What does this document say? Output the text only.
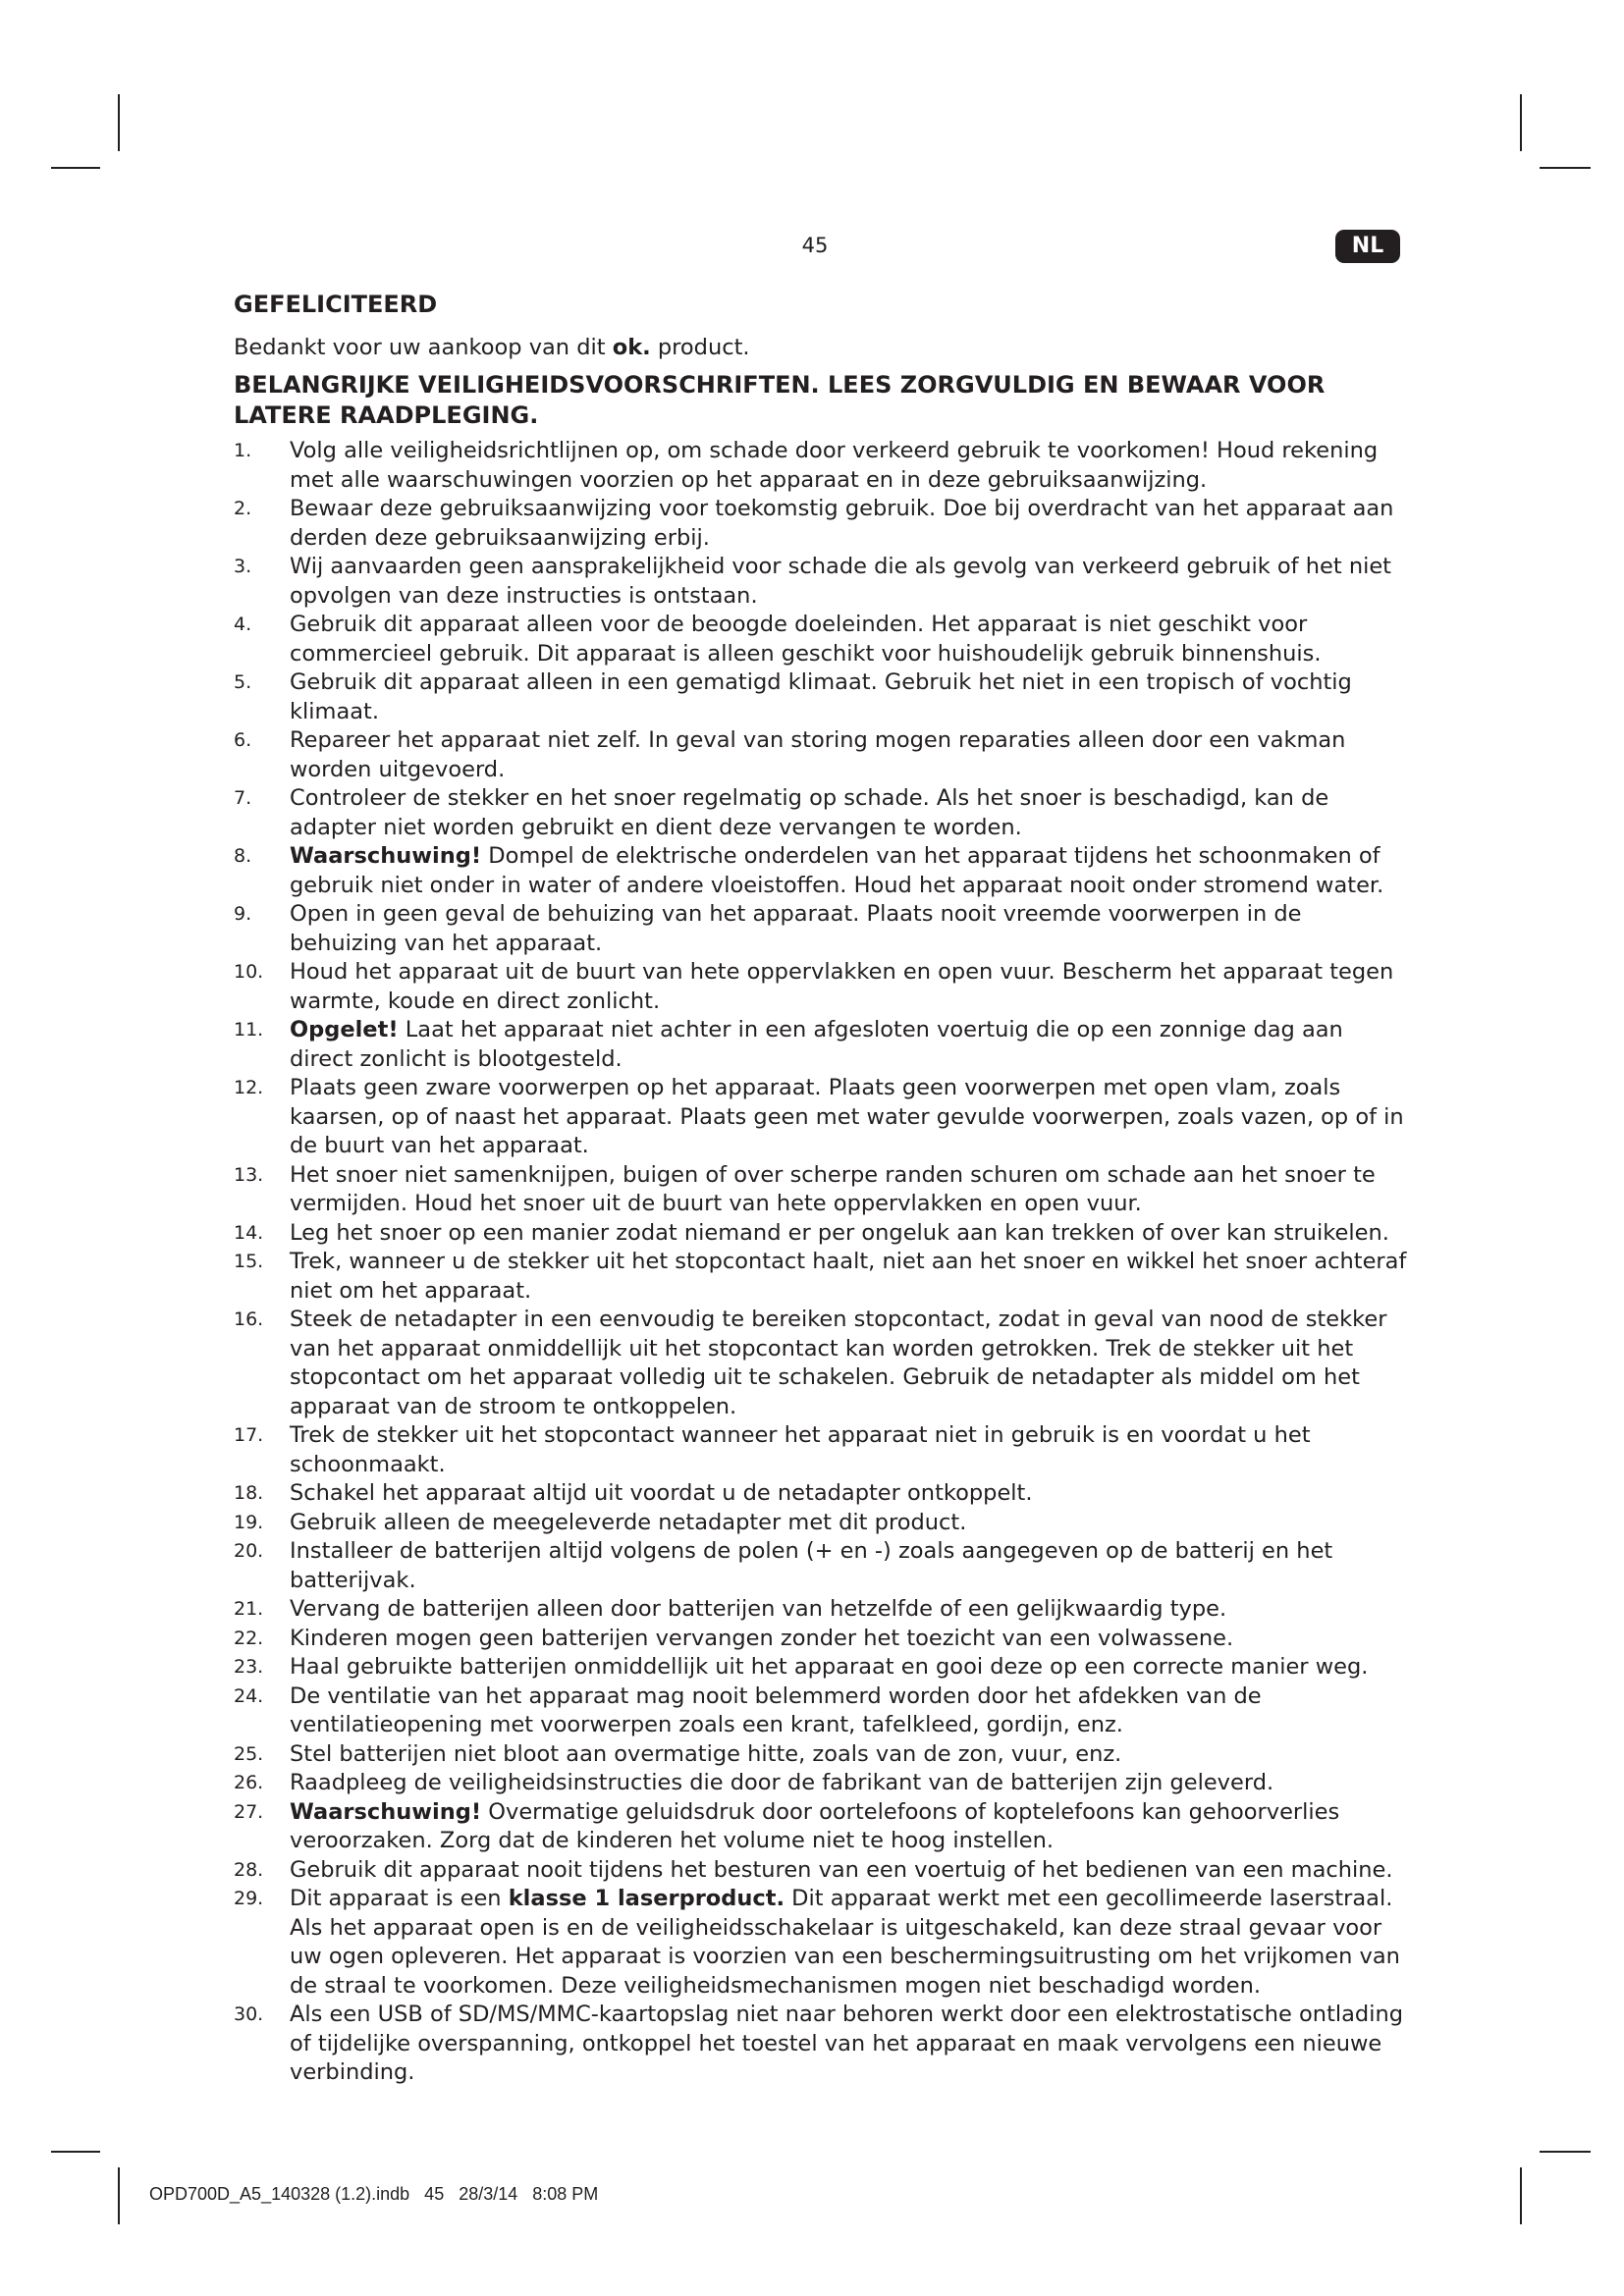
45	NL
GEFELICITEERD
Bedankt voor uw aankoop van dit ok. product.
BELANGRIJKE VEILIGHEIDSVOORSCHRIFTEN. LEES ZORGVULDIG EN BEWAAR VOOR LATERE RAADPLEGING.
1. Volg alle veiligheidsrichtlijnen op, om schade door verkeerd gebruik te voorkomen! Houd rekening met alle waarschuwingen voorzien op het apparaat en in deze gebruiksaanwijzing.
2. Bewaar deze gebruiksaanwijzing voor toekomstig gebruik. Doe bij overdracht van het apparaat aan derden deze gebruiksaanwijzing erbij.
3. Wij aanvaarden geen aansprakelijkheid voor schade die als gevolg van verkeerd gebruik of het niet opvolgen van deze instructies is ontstaan.
4. Gebruik dit apparaat alleen voor de beoogde doeleinden. Het apparaat is niet geschikt voor commercieel gebruik. Dit apparaat is alleen geschikt voor huishoudelijk gebruik binnenshuis.
5. Gebruik dit apparaat alleen in een gematigd klimaat. Gebruik het niet in een tropisch of vochtig klimaat.
6. Repareer het apparaat niet zelf. In geval van storing mogen reparaties alleen door een vakman worden uitgevoerd.
7. Controleer de stekker en het snoer regelmatig op schade. Als het snoer is beschadigd, kan de adapter niet worden gebruikt en dient deze vervangen te worden.
8. Waarschuwing! Dompel de elektrische onderdelen van het apparaat tijdens het schoonmaken of gebruik niet onder in water of andere vloeistoffen. Houd het apparaat nooit onder stromend water.
9. Open in geen geval de behuizing van het apparaat. Plaats nooit vreemde voorwerpen in de behuizing van het apparaat.
10. Houd het apparaat uit de buurt van hete oppervlakken en open vuur. Bescherm het apparaat tegen warmte, koude en direct zonlicht.
11. Opgelet! Laat het apparaat niet achter in een afgesloten voertuig die op een zonnige dag aan direct zonlicht is blootgesteld.
12. Plaats geen zware voorwerpen op het apparaat. Plaats geen voorwerpen met open vlam, zoals kaarsen, op of naast het apparaat. Plaats geen met water gevulde voorwerpen, zoals vazen, op of in de buurt van het apparaat.
13. Het snoer niet samenknijpen, buigen of over scherpe randen schuren om schade aan het snoer te vermijden. Houd het snoer uit de buurt van hete oppervlakken en open vuur.
14. Leg het snoer op een manier zodat niemand er per ongeluk aan kan trekken of over kan struikelen.
15. Trek, wanneer u de stekker uit het stopcontact haalt, niet aan het snoer en wikkel het snoer achteraf niet om het apparaat.
16. Steek de netadapter in een eenvoudig te bereiken stopcontact, zodat in geval van nood de stekker van het apparaat onmiddellijk uit het stopcontact kan worden getrokken. Trek de stekker uit het stopcontact om het apparaat volledig uit te schakelen. Gebruik de netadapter als middel om het apparaat van de stroom te ontkoppelen.
17. Trek de stekker uit het stopcontact wanneer het apparaat niet in gebruik is en voordat u het schoonmaakt.
18. Schakel het apparaat altijd uit voordat u de netadapter ontkoppelt.
19. Gebruik alleen de meegeleverde netadapter met dit product.
20. Installeer de batterijen altijd volgens de polen (+ en -) zoals aangegeven op de batterij en het batterijvak.
21. Vervang de batterijen alleen door batterijen van hetzelfde of een gelijkwaardig type.
22. Kinderen mogen geen batterijen vervangen zonder het toezicht van een volwassene.
23. Haal gebruikte batterijen onmiddellijk uit het apparaat en gooi deze op een correcte manier weg.
24. De ventilatie van het apparaat mag nooit belemmerd worden door het afdekken van de ventilatieopening met voorwerpen zoals een krant, tafelkleed, gordijn, enz.
25. Stel batterijen niet bloot aan overmatige hitte, zoals van de zon, vuur, enz.
26. Raadpleeg de veiligheidsinstructies die door de fabrikant van de batterijen zijn geleverd.
27. Waarschuwing! Overmatige geluidsdruk door oortelefoons of koptelefoons kan gehoorverlies veroorzaken. Zorg dat de kinderen het volume niet te hoog instellen.
28. Gebruik dit apparaat nooit tijdens het besturen van een voertuig of het bedienen van een machine.
29. Dit apparaat is een klasse 1 laserproduct. Dit apparaat werkt met een gecollimeerde laserstraal. Als het apparaat open is en de veiligheidsschakelaar is uitgeschakeld, kan deze straal gevaar voor uw ogen opleveren. Het apparaat is voorzien van een beschermingsuitrusting om het vrijkomen van de straal te voorkomen. Deze veiligheidsmechanismen mogen niet beschadigd worden.
30. Als een USB of SD/MS/MMC-kaartopslag niet naar behoren werkt door een elektrostatische ontlading of tijdelijke overspanning, ontkoppel het toestel van het apparaat en maak vervolgens een nieuwe verbinding.
OPD700D_A5_140328 (1.2).indb   45   28/3/14   8:08 PM
